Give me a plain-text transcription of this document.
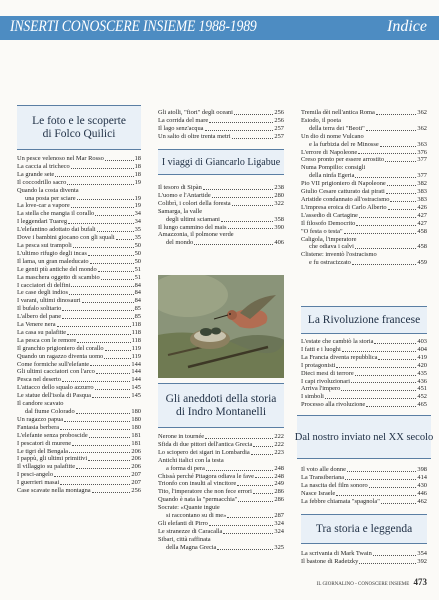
INSERTI CONOSCERE INSIEME 1988-1989	Indice
Le foto e le scoperte
di Folco Quilici
Un pesce velenoso nel Mar Rosso	18
La caccia al tricheco	18
La grande sete	18
Il coccodrillo sacro	19
Quando la costa diventa
una posta per sciare	19
La love-car a vapore	19
La stella che mangia il corallo	34
I leggendari Tuareg	34
L'elefantino adottato dai bufali	35
Dove i bambini giocano con gli squali	35
La pesca sui trampoli	50
L'ultimo rifugio degli incas	50
Il lama, un gran maleducato	50
Le genti più antiche del mondo	51
La maschera oggetto di scambio	51
I cacciatori di delfini	84
Le case degli indios	84
I varani, ultimi dinosauri	84
Il bufalo solitario	85
L'albero del pane	85
La Venere nera	118
La casa su palafitte	118
La pesca con le remore	118
Il granchio prigioniero del corallo	119
Quando un ragazzo diventa uomo	119
Come formiche sull'elefante	144
Gli ultimi cacciatori con l'arco	144
Pesca nel deserto	144
L'attacco dello squalo azzurro	145
Le statue dell'isola di Pasqua	145
Il candore scavato
dal fiume Colorado	180
Un ragazzo papua	180
Fantasia berbera	180
L'elefante senza proboscide	181
I pescatori di murene	181
Le tigri del Bengala	206
I pappù, gli ultimi primitivi	206
Il villaggio su palafitte	206
I pesci-angelo	207
I guerrieri masai	207
Case scavate nella montagna	256
Gli atolli, "fiori" degli oceani	256
La corrida del mare	256
Il lago senz'acqua	257
Un salto di oltre trenta metri	257
I viaggi di Giancarlo Ligabue
Il tesoro di Sipàn	238
L'uomo e l'Antartide	280
Colibrì, i colori della foresta	322
Samarga, la valle
degli ultimi sciamani	358
Il lungo cammino del mais	390
Amazzonia, il polmone verde
del mondo	406
Gli aneddoti della storia
di Indro Montanelli
Nerone in tournée	222
Sfida di due pittori dell'antica Grecia	222
Lo sciopero dei sigari in Lombardia	223
Antichi italici con la testa
a forma di pera	248
Chissà perché Pitagora odiava le fave	248
Trionfo con insulti al vincitore	249
Tito, l'imperatore che non fece errori	286
Quando è nata la "permacchia"	286
Socrate: «Quante inguie
si raccontano su di me»	287
Gli elefanti di Pirro	324
Le stranezze di Caracalla	324
Sibari, città raffinata
della Magna Grecia	325
Tremila dèi nell'antica Roma	362
Esiodo, il poeta
della terra dei "Beoti"	362
Un dio di nome Vulcano
e la furbizia del re Minosse	363
L'errore di Napoleone	376
Creso pronto per essere arrostito	377
Numa Pompilio: consigli
della ninfa Egeria	377
Pio VII prigioniero di Napoleone	382
Giulio Cesare catturato dai pirati	383
Aristide condannato all'ostracismo	383
L'impresa eroica di Carlo Alberto	426
L'assedio di Cartagine	427
Il filosofo Democrito	427
"O festa o testa"	458
Caligola, l'imperatore
che odiava i calvi	458
Clistene: inventò l'ostracismo
e fu ostracizzato	459
La Rivoluzione francese
L'estate che cambiò la storia	403
I fatti e i luoghi	404
La Francia diventa repubblica	419
I protagonisti	420
Dieci mesi di terrore	435
I capi rivoluzionari	436
Arriva l'impero	451
I simboli	452
Processo alla rivoluzione	465
Dal nostro inviato nel XX secolo
Il voto alle donne	398
La Transiberiana	414
La nascita del film sonoro	430
Nasce Israele	446
La febbre chiamata "spagnola"	462
Tra storia e leggenda
La scrivania di Mark Twain	354
Il bastone di Radetzky	392
IL GIORNALINO - CONOSCERE INSIEME 473
